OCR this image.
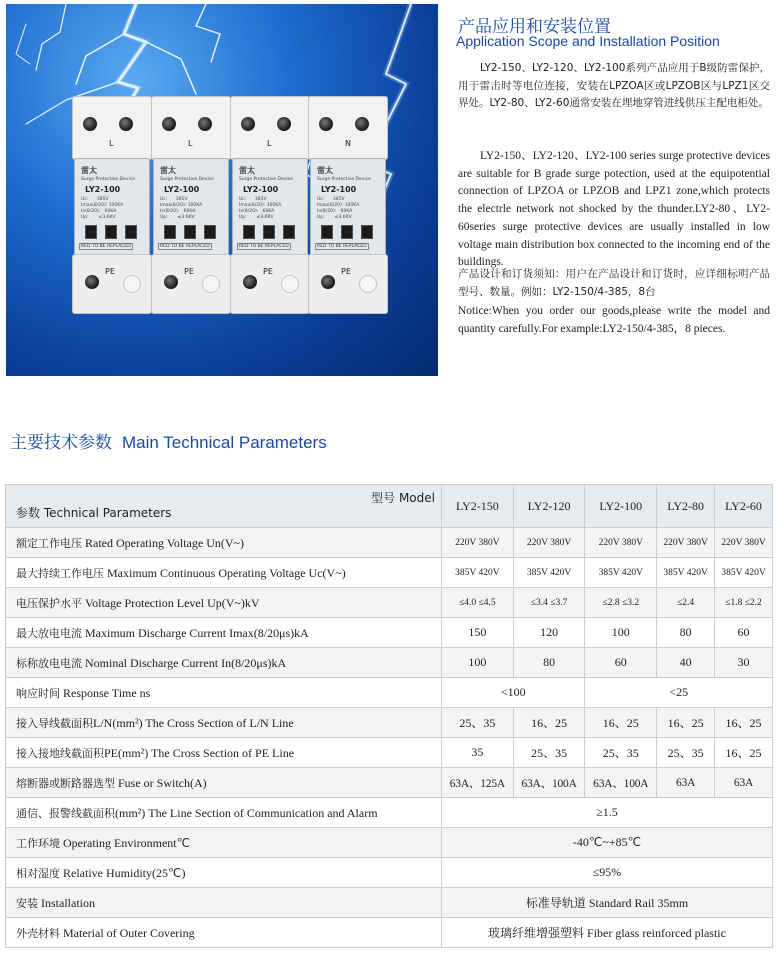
L
雷太
Surge Protective Device
LY2-100
Uc:      385V
Imax(8/20): 100KA
In(8/20):   60KA
Up:       ≤3.6KV
RED TO BE REPLACED
PE
L
雷太
Surge Protective Device
LY2-100
Uc:      385V
Imax(8/20): 100KA
In(8/20):   60KA
Up:       ≤3.6KV
RED TO BE REPLACED
PE
L
雷太
Surge Protective Device
LY2-100
Uc:      385V
Imax(8/20): 100KA
In(8/20):   60KA
Up:       ≤3.6KV
RED TO BE REPLACED
PE
N
雷太
Surge Protective Device
LY2-100
Uc:      385V
Imax(8/20): 100KA
In(8/20):   60KA
Up:       ≤3.6KV
RED TO BE REPLACED
PE
产品应用和安装位置
Application Scope and Installation Position
LY2-150、LY2-120、LY2-100系列产品应用于B级防雷保护，用于雷击时等电位连接，安装在LPZOA区或LPZOB区与LPZ1区交界处。LY2-80、LY2-60通常安装在埋地穿管进线供压主配电柜处。
LY2-150、LY2-120、LY2-100 series surge protective devices are suitable for B grade surge potection, used at the equipotential connection of LPZOA or LPZOB and LPZ1 zone,which protects the electrle network not shocked by the thunder.LY2-80、LY2-60series surge protective devices are usually installed in low voltage main distribution box connected to the incoming end of the buildings.
产品设计和订货须知：用户在产品设计和订货时，应详细标明产品型号、数量。例如：LY2-150/4-385，8台
Notice:When you order our goods,please write the model and quantity carefully.For example:LY2-150/4-385，8 pieces.
主要技术参数 Main Technical Parameters
型号 Model
参数 Technical Parameters	LY2-150	LY2-120	LY2-100	LY2-80	LY2-60
额定工作电压 Rated Operating Voltage Un(V~)	220V 380V	220V 380V	220V 380V	220V 380V	220V 380V
最大持续工作电压 Maximum Continuous Operating Voltage Uc(V~)	385V 420V	385V 420V	385V 420V	385V 420V	385V 420V
电压保护水平 Voltage Protection Level Up(V~)kV	≤4.0 ≤4.5	≤3.4 ≤3.7	≤2.8 ≤3.2	≤2.4	≤1.8 ≤2.2
最大放电电流 Maximum Discharge Current Imax(8/20μs)kA	150	120	100	80	60
标称放电电流 Nominal Discharge Current In(8/20μs)kA	100	80	60	40	30
响应时间 Response Time ns	<100		<25		
接入导线截面积L/N(mm²) The Cross Section of L/N Line	25、35	16、25	16、25	16、25	16、25
接入接地线截面积PE(mm²) The Cross Section of PE Line	35	25、35	25、35	25、35	16、25
熔断器或断路器选型 Fuse or Switch(A)	63A、125A	63A、100A	63A、100A	63A	63A
通信、报警线截面积(mm²) The Line Section of Communication and Alarm	≥1.5				
工作环境 Operating Environment℃	-40℃~+85℃				
相对湿度 Relative Humidity(25℃)	≤95%				
安装 Installation	标准导轨道 Standard Rail 35mm				
外壳材料 Material of Outer Covering	玻璃纤维增强塑料 Fiber glass reinforced plastic				
